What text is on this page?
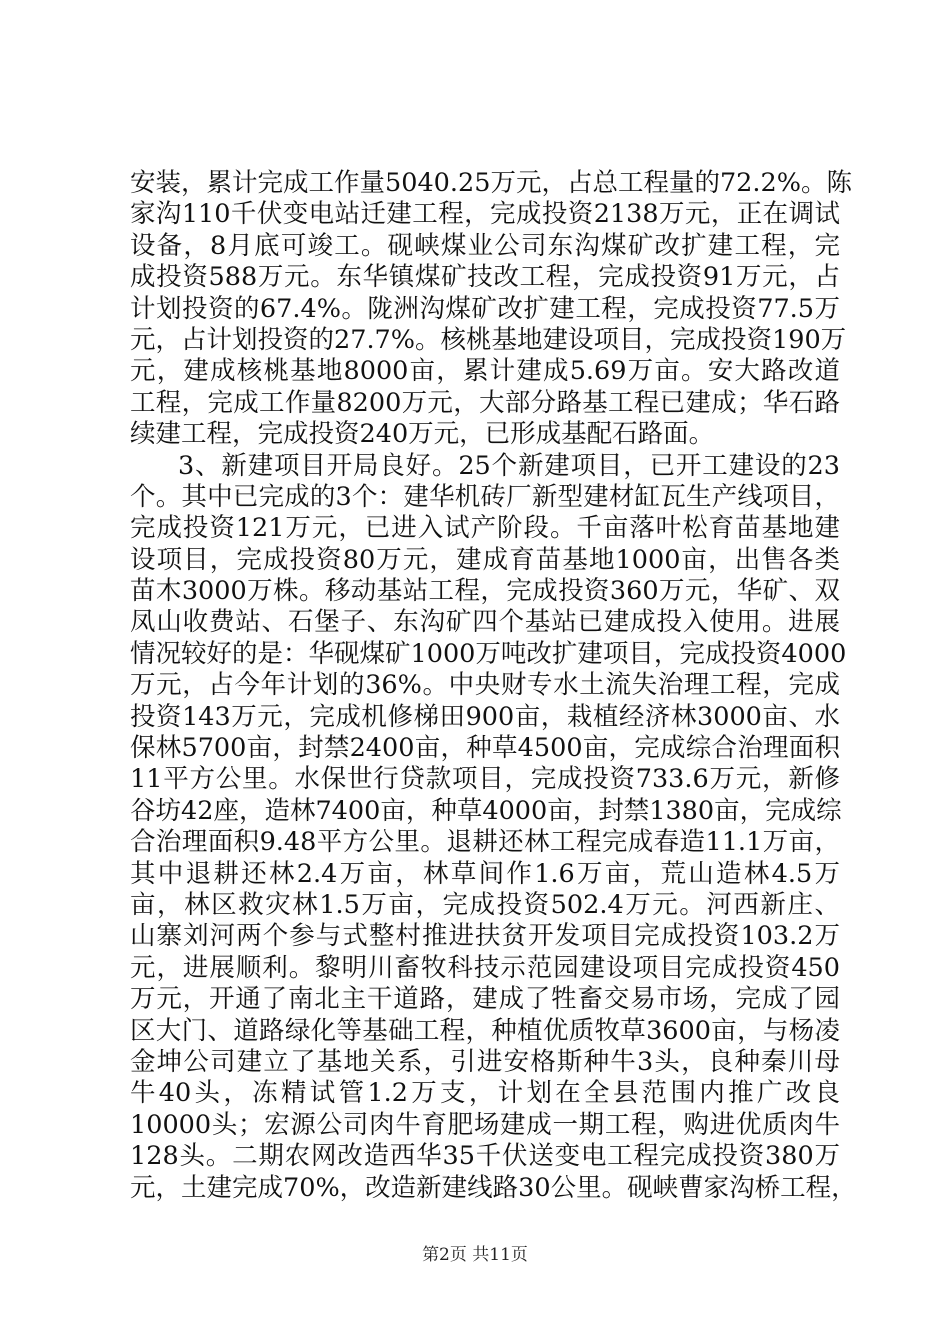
安装，累计完成工作量5040.25万元，占总工程量的72.2%。陈
家沟110千伏变电站迁建工程，完成投资2138万元，正在调试
设备，8月底可竣工。砚峡煤业公司东沟煤矿改扩建工程，完
成投资588万元。东华镇煤矿技改工程，完成投资91万元，占
计划投资的67.4%。陇洲沟煤矿改扩建工程，完成投资77.5万
元，占计划投资的27.7%。核桃基地建设项目，完成投资190万
元，建成核桃基地8000亩，累计建成5.69万亩。安大路改道
工程，完成工作量8200万元，大部分路基工程已建成；华石路
续建工程，完成投资240万元，已形成基配石路面。
3、新建项目开局良好。25个新建项目，已开工建设的23
个。其中已完成的3个：建华机砖厂新型建材缸瓦生产线项目，
完成投资121万元，已进入试产阶段。千亩落叶松育苗基地建
设项目，完成投资80万元，建成育苗基地1000亩，出售各类
苗木3000万株。移动基站工程，完成投资360万元，华矿、双
凤山收费站、石堡子、东沟矿四个基站已建成投入使用。进展
情况较好的是：华砚煤矿1000万吨改扩建项目，完成投资4000
万元，占今年计划的36%。中央财专水土流失治理工程，完成
投资143万元，完成机修梯田900亩，栽植经济林3000亩、水
保林5700亩，封禁2400亩，种草4500亩，完成综合治理面积
11平方公里。水保世行贷款项目，完成投资733.6万元，新修
谷坊42座，造林7400亩，种草4000亩，封禁1380亩，完成综
合治理面积9.48平方公里。退耕还林工程完成春造11.1万亩，
其中退耕还林2.4万亩，林草间作1.6万亩，荒山造林4.5万
亩，林区救灾林1.5万亩，完成投资502.4万元。河西新庄、
山寨刘河两个参与式整村推进扶贫开发项目完成投资103.2万
元，进展顺利。黎明川畜牧科技示范园建设项目完成投资450
万元，开通了南北主干道路，建成了牲畜交易市场，完成了园
区大门、道路绿化等基础工程，种植优质牧草3600亩，与杨凌
金坤公司建立了基地关系，引进安格斯种牛3头，良种秦川母
牛40头，冻精试管1.2万支，计划在全县范围内推广改良
10000头；宏源公司肉牛育肥场建成一期工程，购进优质肉牛
128头。二期农网改造西华35千伏送变电工程完成投资380万
元，土建完成70%，改造新建线路30公里。砚峡曹家沟桥工程，
第2页 共11页
